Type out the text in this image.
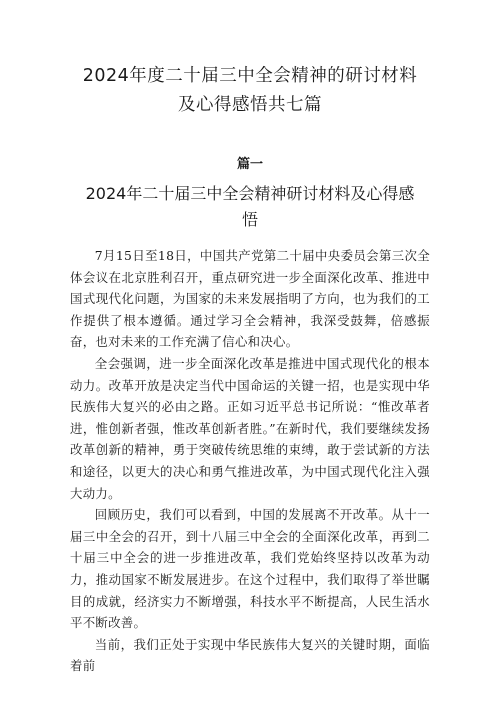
2024年度二十届三中全会精神的研讨材料
及心得感悟共七篇
篇一
2024年二十届三中全会精神研讨材料及心得感
悟

7月15日至18日，中国共产党第二十届中央委员会第三次全体会议在北京胜利召开，重点研究进一步全面深化改革、推进中国式现代化问题，为国家的未来发展指明了方向，也为我们的工作提供了根本遵循。通过学习全会精神，我深受鼓舞，倍感振奋，也对未来的工作充满了信心和决心。

全会强调，进一步全面深化改革是推进中国式现代化的根本动力。改革开放是决定当代中国命运的关键一招，也是实现中华民族伟大复兴的必由之路。正如习近平总书记所说：“惟改革者进，惟创新者强，惟改革创新者胜。”在新时代，我们要继续发扬改革创新的精神，勇于突破传统思维的束缚，敢于尝试新的方法和途径，以更大的决心和勇气推进改革，为中国式现代化注入强大动力。

回顾历史，我们可以看到，中国的发展离不开改革。从十一届三中全会的召开，到十八届三中全会的全面深化改革，再到二十届三中全会的进一步推进改革，我们党始终坚持以改革为动力，推动国家不断发展进步。在这个过程中，我们取得了举世瞩目的成就，经济实力不断增强，科技水平不断提高，人民生活水平不断改善。

当前，我们正处于实现中华民族伟大复兴的关键时期，面临着前
